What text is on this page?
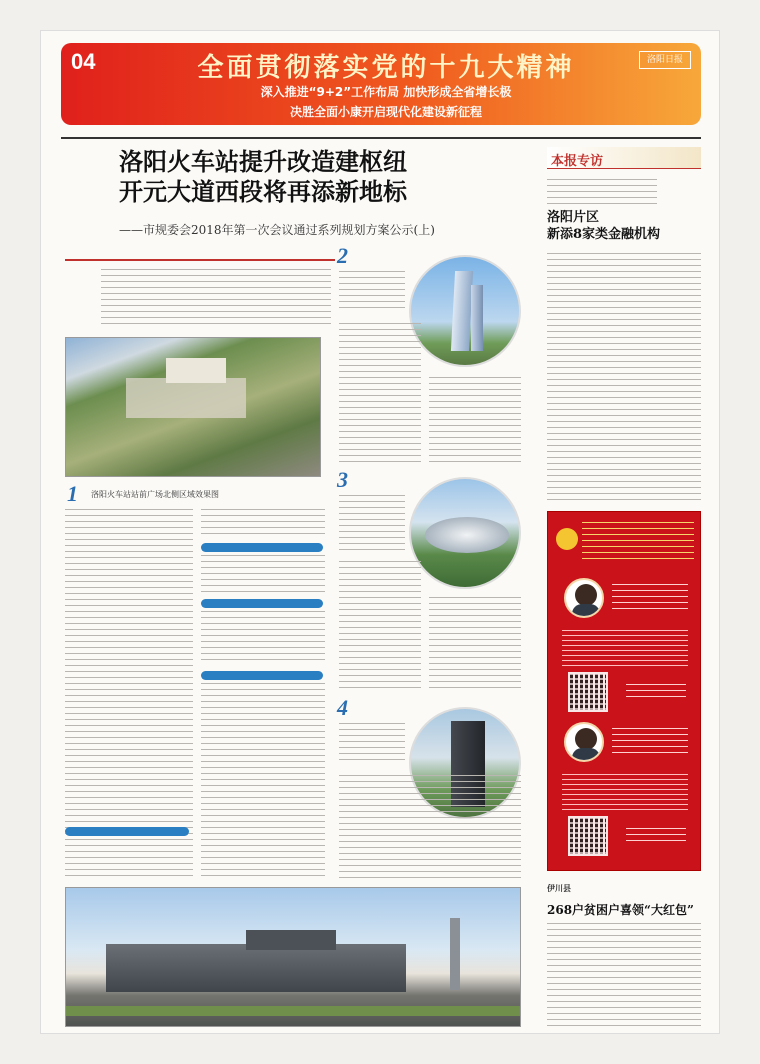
04	全面贯彻落实党的十九大精神
深入推进“9+2”工作布局 加快形成全省增长极
决胜全面小康开启现代化建设新征程
洛阳日报
洛阳火车站提升改造建枢纽
开元大道西段将再添新地标
——市规委会2018年第一次会议通过系列规划方案公示(上)
1 洛阳火车站站前广场北侧区域效果图
2
3
4
本报专访
洛阳片区
新添8家类金融机构
伊川县
268户贫困户喜领“大红包”
